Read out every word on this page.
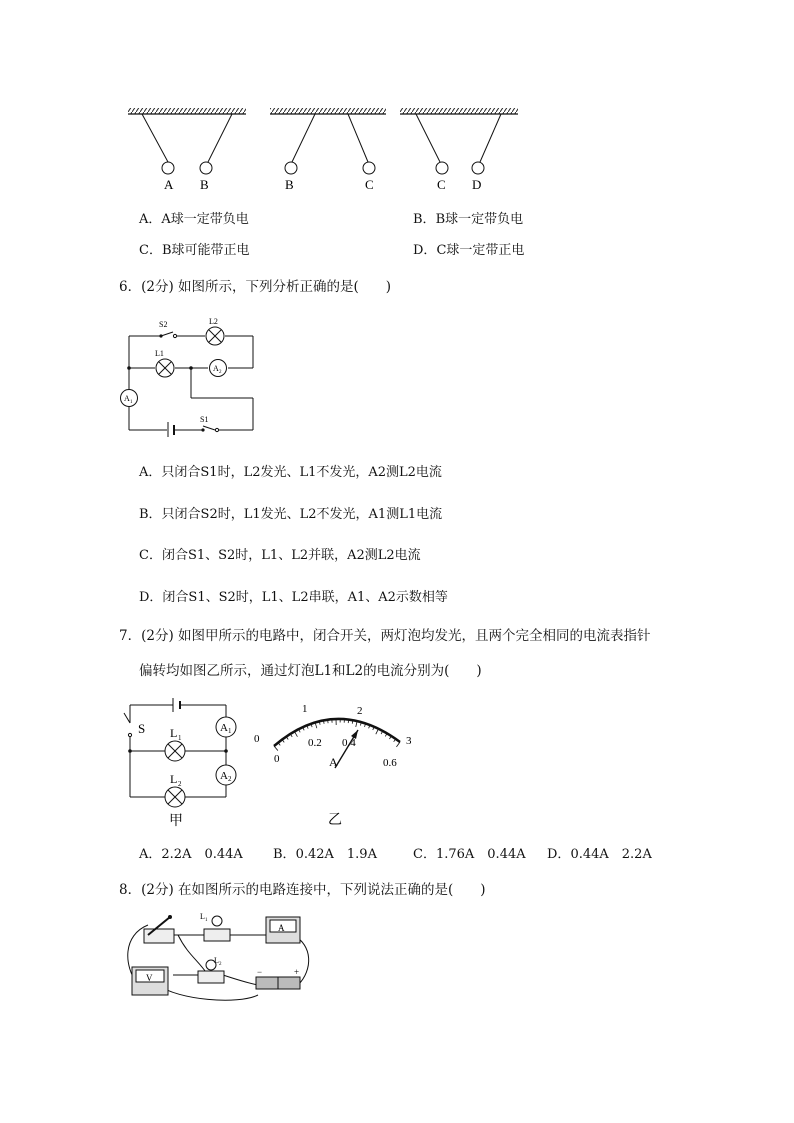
A B	B	C	C D
A．A球一定带负电	B．B球一定带负电
C．B球可能带正电	D．C球一定带正电
6．(2分) 如图所示，下列分析正确的是(　　)
A 2
A 1
S2	L2
L1
S1
A．只闭合S1时，L2发光、L1不发光，A2测L2电流
B．只闭合S2时，L1发光、L2不发光，A1测L1电流
C．闭合S1、S2时，L1、L2并联，A2测L2电流
D．闭合S1、S2时，L1、L2串联，A1、A2示数相等
7．(2分) 如图甲所示的电路中，闭合开关，两灯泡均发光，且两个完全相同的电流表指针
偏转均如图乙所示，通过灯泡L1和L2的电流分别为(　　)
A 1
A 2
S L 1
L 2
甲
0
1	2
3
0
0.2 0.4
0.6
A
乙
A．2.2A　0.44A B．0.42A　1.9A	C．1.76A　0.44A D．0.44A　2.2A
8．(2分) 在如图所示的电路连接中，下列说法正确的是(　　)
L 1
A
V
L 2
−	+
